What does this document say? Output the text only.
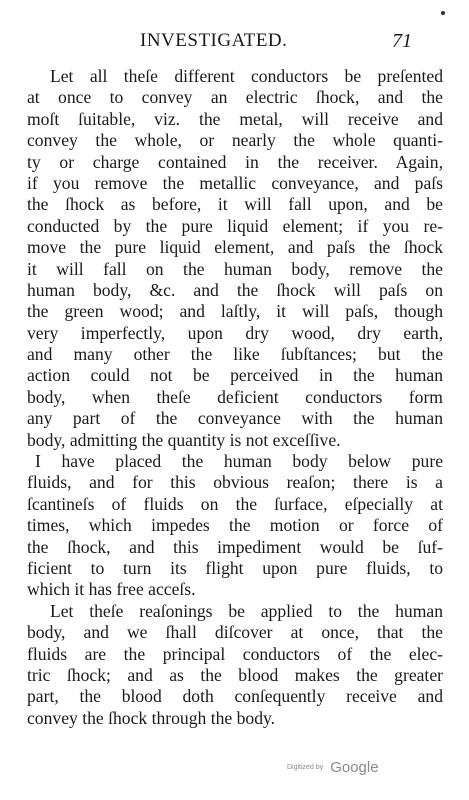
INVESTIGATED.	71
Let all theſe different conductors be preſented
at once to convey an electric ſhock, and the
moſt ſuitable, viz. the metal, will receive and
convey the whole, or nearly the whole quanti-
ty or charge contained in the receiver. Again,
if you remove the metallic conveyance, and paſs
the ſhock as before, it will fall upon, and be
conducted by the pure liquid element; if you re-
move the pure liquid element, and paſs the ſhock
it will fall on the human body, remove the
human body, &c. and the ſhock will paſs on
the green wood; and laſtly, it will paſs, though
very imperfectly, upon dry wood, dry earth,
and many other the like ſubſtances; but the
action could not be perceived in the human
body, when theſe deficient conductors form
any part of the conveyance with the human
body, admitting the quantity is not exceſſive.
I have placed the human body below pure
fluids, and for this obvious reaſon; there is a
ſcantineſs of fluids on the ſurface, eſpecially at
times, which impedes the motion or force of
the ſhock, and this impediment would be ſuf-
ficient to turn its flight upon pure fluids, to
which it has free acceſs.
Let theſe reaſonings be applied to the human
body, and we ſhall diſcover at once, that the
fluids are the principal conductors of the elec-
tric ſhock; and as the blood makes the greater
part, the blood doth conſequently receive and
convey the ſhock through the body.
Digitized by Google
